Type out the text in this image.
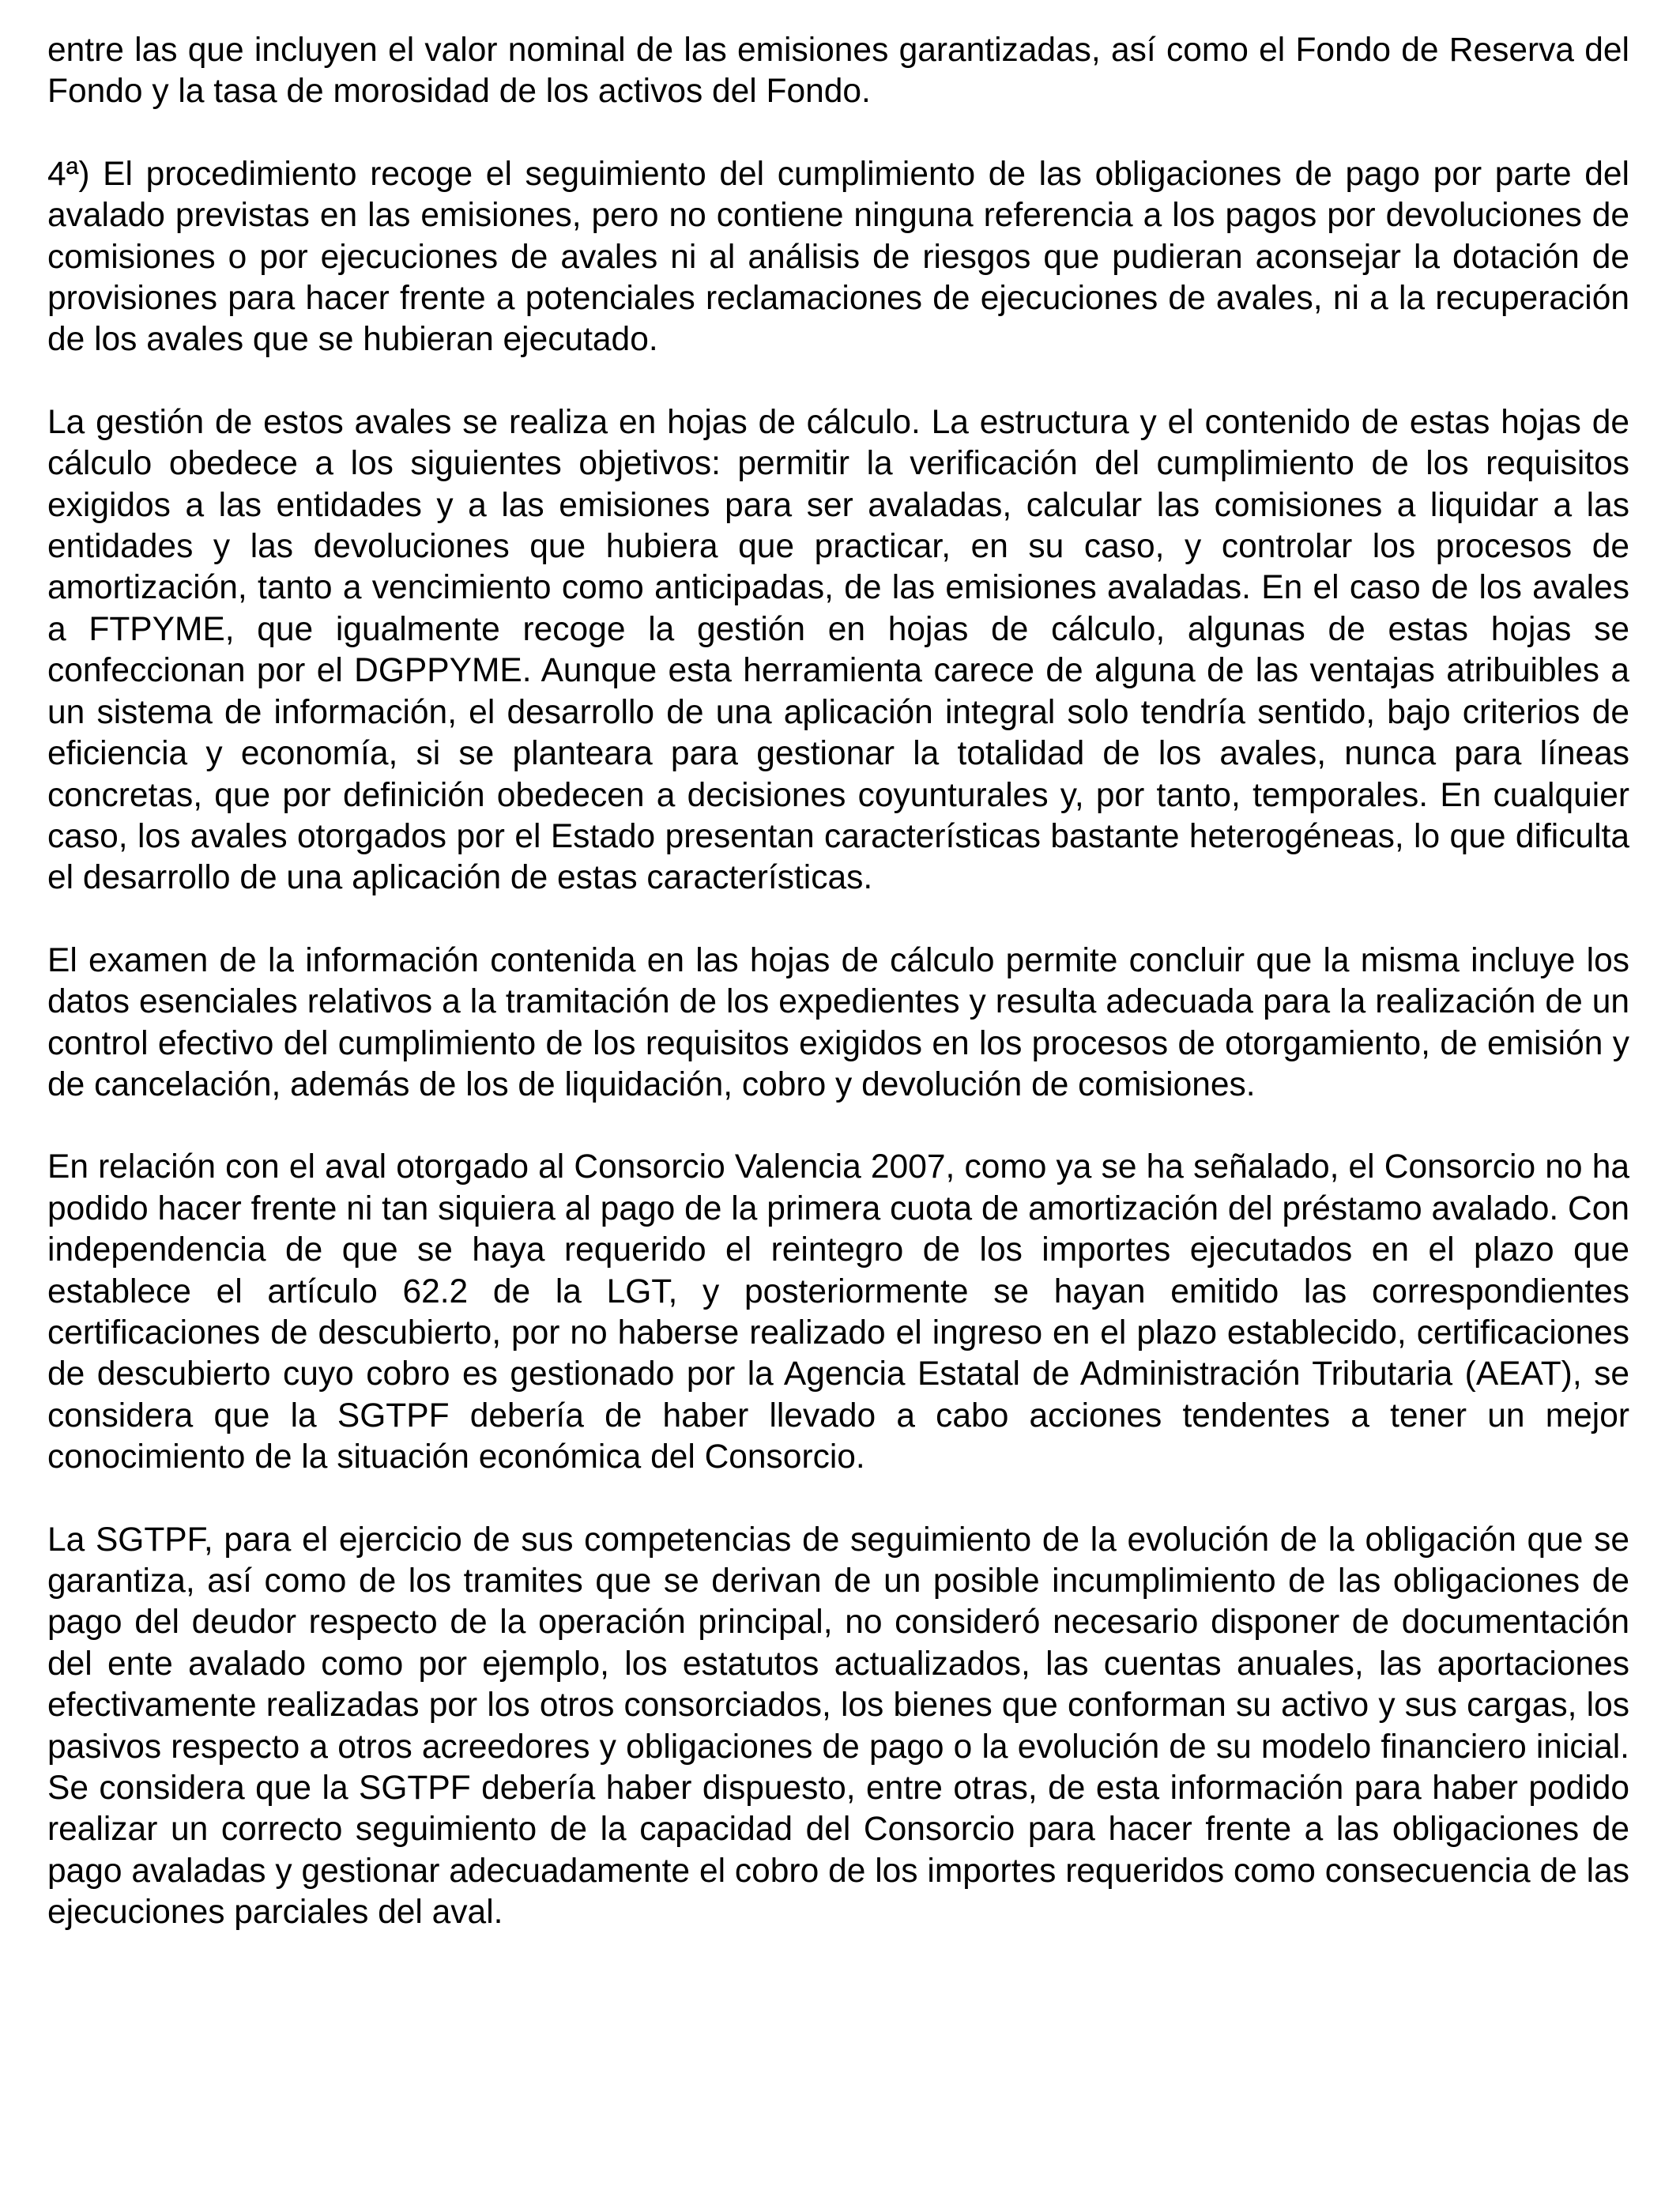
entre las que incluyen el valor nominal de las emisiones garantizadas, así como el Fondo de Reserva del Fondo y la tasa de morosidad de los activos del Fondo.

4ª) El procedimiento recoge el seguimiento del cumplimiento de las obligaciones de pago por parte del avalado previstas en las emisiones, pero no contiene ninguna referencia a los pagos por devoluciones de comisiones o por ejecuciones de avales ni al análisis de riesgos que pudieran aconsejar la dotación de provisiones para hacer frente a potenciales reclamaciones de ejecuciones de avales, ni a la recuperación de los avales que se hubieran ejecutado.

La gestión de estos avales se realiza en hojas de cálculo. La estructura y el contenido de estas hojas de cálculo obedece a los siguientes objetivos: permitir la verificación del cumplimiento de los requisitos exigidos a las entidades y a las emisiones para ser avaladas, calcular las comisiones a liquidar a las entidades y las devoluciones que hubiera que practicar, en su caso, y controlar los procesos de amortización, tanto a vencimiento como anticipadas, de las emisiones avaladas. En el caso de los avales a FTPYME, que igualmente recoge la gestión en hojas de cálculo, algunas de estas hojas se confeccionan por el DGPPYME. Aunque esta herramienta carece de alguna de las ventajas atribuibles a un sistema de información, el desarrollo de una aplicación integral solo tendría sentido, bajo criterios de eficiencia y economía, si se planteara para gestionar la totalidad de los avales, nunca para líneas concretas, que por definición obedecen a decisiones coyunturales y, por tanto, temporales. En cualquier caso, los avales otorgados por el Estado presentan características bastante heterogéneas, lo que dificulta el desarrollo de una aplicación de estas características.

El examen de la información contenida en las hojas de cálculo permite concluir que la misma incluye los datos esenciales relativos a la tramitación de los expedientes y resulta adecuada para la realización de un control efectivo del cumplimiento de los requisitos exigidos en los procesos de otorgamiento, de emisión y de cancelación, además de los de liquidación, cobro y devolución de comisiones.

En relación con el aval otorgado al Consorcio Valencia 2007, como ya se ha señalado, el Consorcio no ha podido hacer frente ni tan siquiera al pago de la primera cuota de amortización del préstamo avalado. Con independencia de que se haya requerido el reintegro de los importes ejecutados en el plazo que establece el artículo 62.2 de la LGT, y posteriormente se hayan emitido las correspondientes certificaciones de descubierto, por no haberse realizado el ingreso en el plazo establecido, certificaciones de descubierto cuyo cobro es gestionado por la Agencia Estatal de Administración Tributaria (AEAT), se considera que la SGTPF debería de haber llevado a cabo acciones tendentes a tener un mejor conocimiento de la situación económica del Consorcio.

La SGTPF, para el ejercicio de sus competencias de seguimiento de la evolución de la obligación que se garantiza, así como de los tramites que se derivan de un posible incumplimiento de las obligaciones de pago del deudor respecto de la operación principal, no consideró necesario disponer de documentación del ente avalado como por ejemplo, los estatutos actualizados, las cuentas anuales, las aportaciones efectivamente realizadas por los otros consorciados, los bienes que conforman su activo y sus cargas, los pasivos respecto a otros acreedores y obligaciones de pago o la evolución de su modelo financiero inicial. Se considera que la SGTPF debería haber dispuesto, entre otras, de esta información para haber podido realizar un correcto seguimiento de la capacidad del Consorcio para hacer frente a las obligaciones de pago avaladas y gestionar adecuadamente el cobro de los importes requeridos como consecuencia de las ejecuciones parciales del aval.
